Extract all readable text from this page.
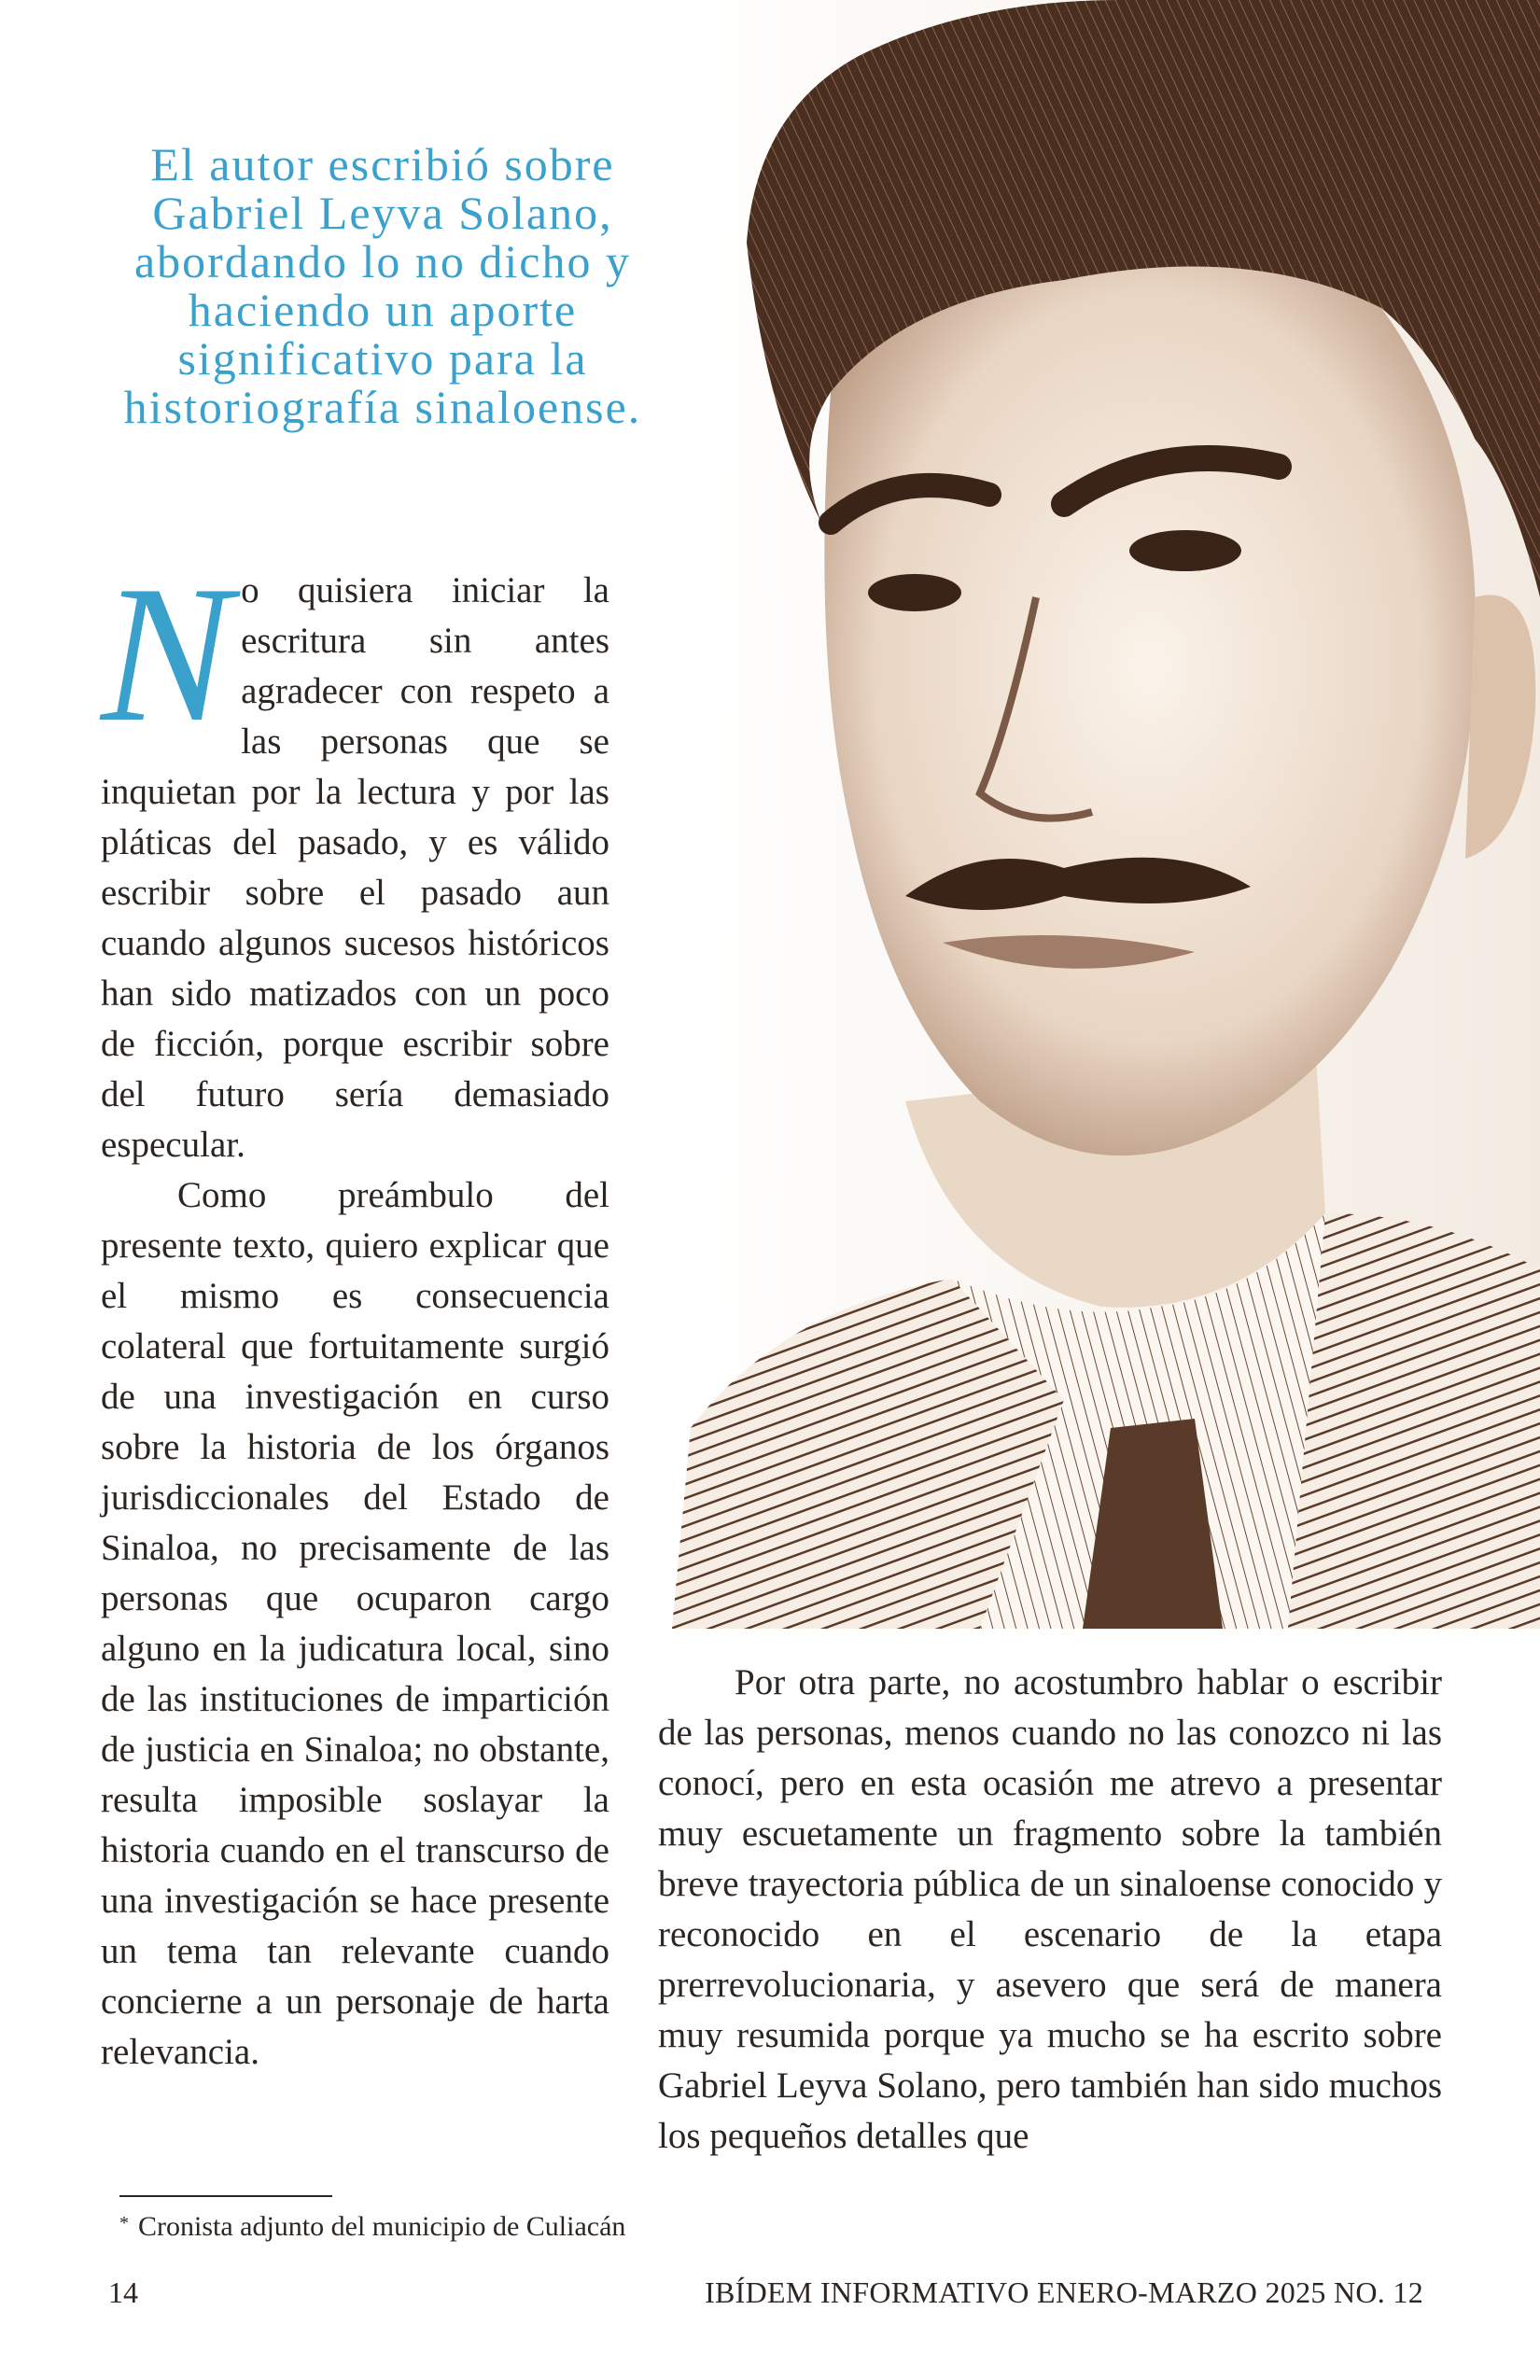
El autor escribió sobre Gabriel Leyva Solano, abordando lo no dicho y haciendo un aporte significativo para la historiografía sinaloense.

No quisiera iniciar la escritura sin antes agradecer con respeto a las personas que se inquietan por la lectura y por las pláticas del pasado, y es válido escribir sobre el pasado aun cuando algunos sucesos históricos han sido matizados con un poco de ficción, porque escribir sobre del futuro sería demasiado especular.

Como preámbulo del presente texto, quiero explicar que el mismo es consecuencia colateral que fortuitamente surgió de una investigación en curso sobre la historia de los órganos jurisdiccionales del Estado de Sinaloa, no precisamente de las personas que ocuparon cargo alguno en la judicatura local, sino de las instituciones de impartición de justicia en Sinaloa; no obstante, resulta imposible soslayar la historia cuando en el transcurso de una investigación se hace presente un tema tan relevante cuando concierne a un personaje de harta relevancia.

Por otra parte, no acostumbro hablar o escribir de las personas, menos cuando no las conozco ni las conocí, pero en esta ocasión me atrevo a presentar muy escuetamente un fragmento sobre la también breve trayectoria pública de un sinaloense conocido y reconocido en el escenario de la etapa prerrevolucionaria, y asevero que será de manera muy resumida porque ya mucho se ha escrito sobre Gabriel Leyva Solano, pero también han sido muchos los pequeños detalles que

* Cronista adjunto del municipio de Culiacán
14	IBÍDEM INFORMATIVO ENERO-MARZO 2025 NO. 12
